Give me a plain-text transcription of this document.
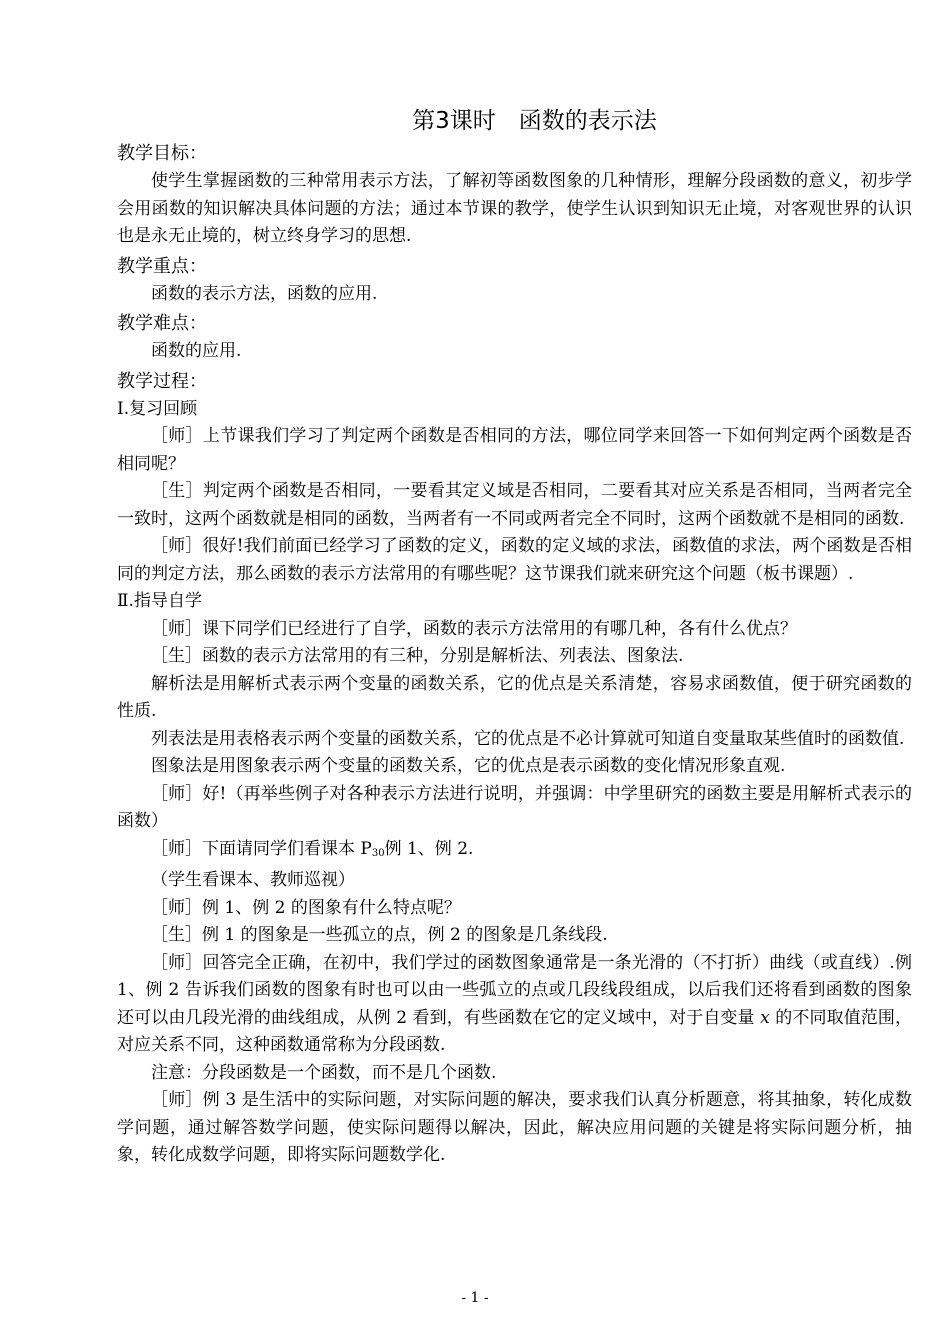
第3课时　函数的表示法
教学目标：

使学生掌握函数的三种常用表示方法，了解初等函数图象的几种情形，理解分段函数的意义，初步学会用函数的知识解决具体问题的方法；通过本节课的教学，使学生认识到知识无止境，对客观世界的认识也是永无止境的，树立终身学习的思想.

教学重点：

函数的表示方法，函数的应用.

教学难点：

函数的应用.

教学过程：

Ⅰ.复习回顾

［师］上节课我们学习了判定两个函数是否相同的方法，哪位同学来回答一下如何判定两个函数是否相同呢？

［生］判定两个函数是否相同，一要看其定义域是否相同，二要看其对应关系是否相同，当两者完全一致时，这两个函数就是相同的函数，当两者有一不同或两者完全不同时，这两个函数就不是相同的函数.

［师］很好!我们前面已经学习了函数的定义，函数的定义域的求法，函数值的求法，两个函数是否相同的判定方法，那么函数的表示方法常用的有哪些呢？这节课我们就来研究这个问题（板书课题）.

Ⅱ.指导自学

［师］课下同学们已经进行了自学，函数的表示方法常用的有哪几种，各有什么优点？

［生］函数的表示方法常用的有三种，分别是解析法、列表法、图象法.

解析法是用解析式表示两个变量的函数关系，它的优点是关系清楚，容易求函数值，便于研究函数的性质.

列表法是用表格表示两个变量的函数关系，它的优点是不必计算就可知道自变量取某些值时的函数值.

图象法是用图象表示两个变量的函数关系，它的优点是表示函数的变化情况形象直观.

［师］好!（再举些例子对各种表示方法进行说明，并强调：中学里研究的函数主要是用解析式表示的函数）

［师］下面请同学们看课本 $P_{30}$例 1、例 2.

（学生看课本、教师巡视）

［师］例 1、例 2 的图象有什么特点呢？

［生］例 1 的图象是一些孤立的点，例 2 的图象是几条线段.

［师］回答完全正确，在初中，我们学过的函数图象通常是一条光滑的（不打折）曲线（或直线）.例 1、例 2 告诉我们函数的图象有时也可以由一些弧立的点或几段线段组成，以后我们还将看到函数的图象还可以由几段光滑的曲线组成，从例 2 看到，有些函数在它的定义域中，对于自变量 x 的不同取值范围，对应关系不同，这种函数通常称为分段函数.

注意：分段函数是一个函数，而不是几个函数.

［师］例 3 是生活中的实际问题，对实际问题的解决，要求我们认真分析题意，将其抽象，转化成数学问题，通过解答数学问题，使实际问题得以解决，因此，解决应用问题的关键是将实际问题分析，抽象，转化成数学问题，即将实际问题数学化.

- 1 -
